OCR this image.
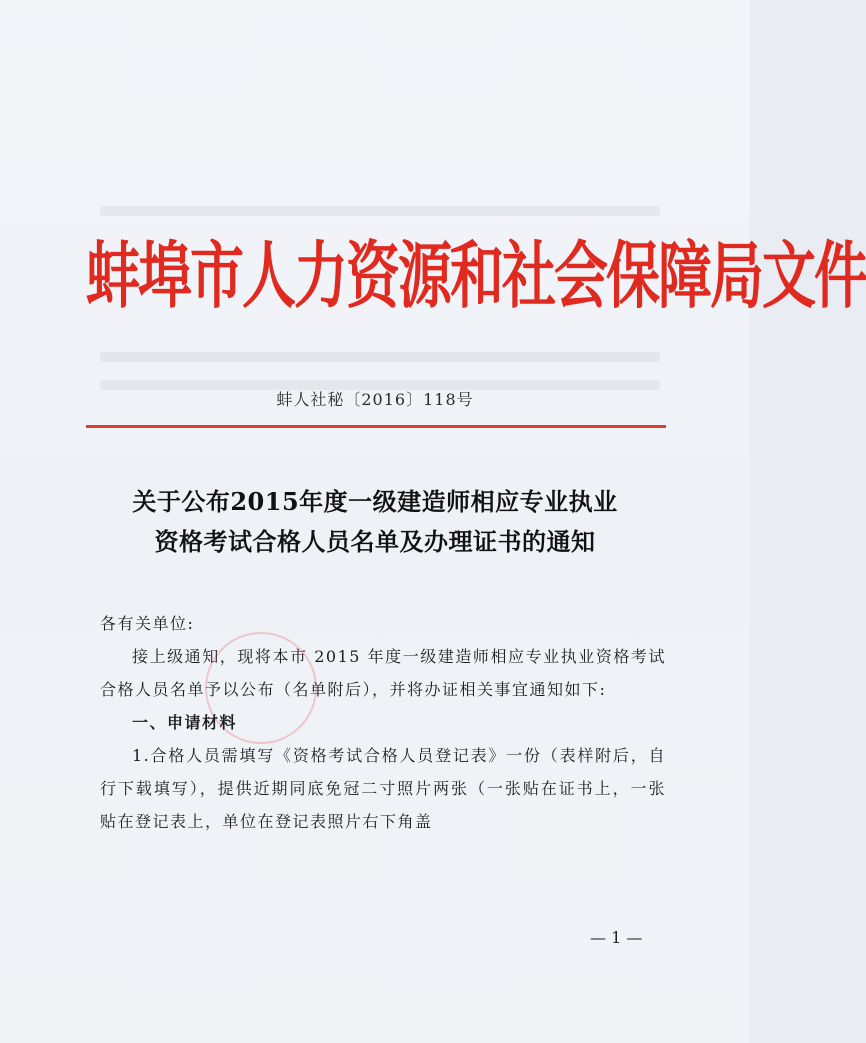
蚌埠市人力资源和社会保障局文件
蚌人社秘〔2016〕118号
关于公布2015年度一级建造师相应专业执业
资格考试合格人员名单及办理证书的通知

各有关单位:

接上级通知，现将本市 2015 年度一级建造师相应专业执业资格考试合格人员名单予以公布（名单附后），并将办证相关事宜通知如下:

一、申请材料

1.合格人员需填写《资格考试合格人员登记表》一份（表样附后，自行下载填写），提供近期同底免冠二寸照片两张（一张贴在证书上，一张贴在登记表上，单位在登记表照片右下角盖

— 1 —
